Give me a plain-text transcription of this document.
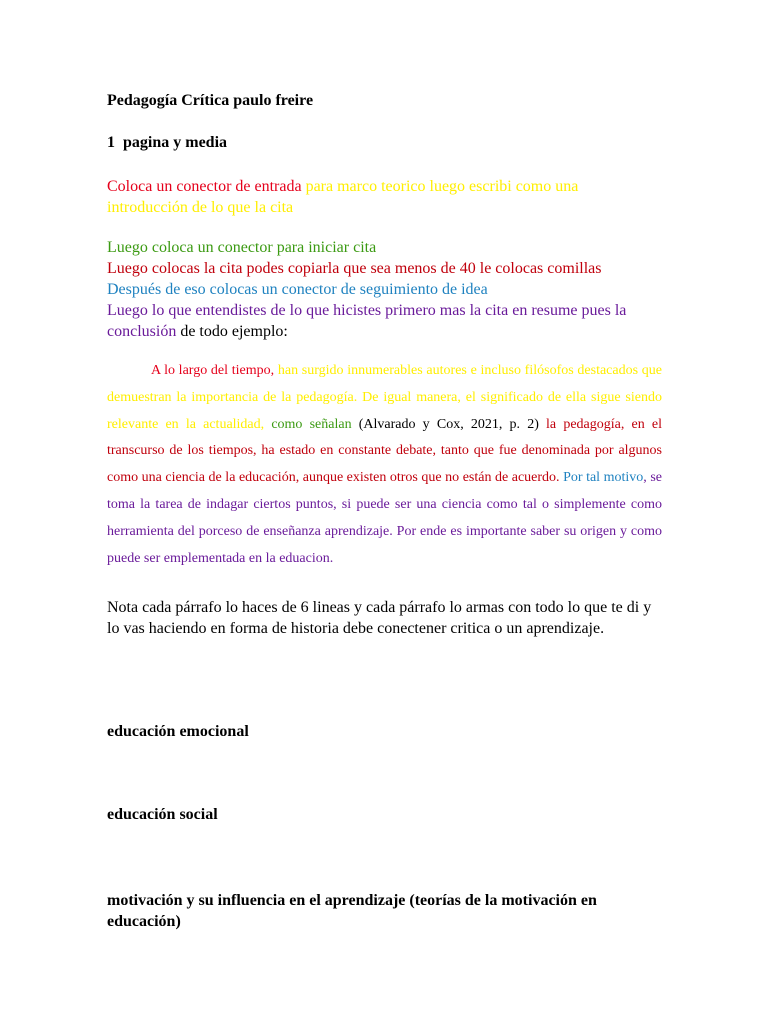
Pedagogía Crítica paulo freire

1  pagina y media

Coloca un conector de entrada para marco teorico luego escribi como una introducción de lo que la cita

Luego coloca un conector para iniciar cita
Luego colocas la cita podes copiarla que sea menos de 40 le colocas comillas
Después de eso colocas un conector de seguimiento de idea
Luego lo que entendistes de lo que hicistes primero mas la cita en resume pues la conclusión de todo ejemplo:

A lo largo del tiempo, han surgido innumerables autores e incluso filósofos destacados que demuestran la importancia de la pedagogía. De igual manera, el significado de ella sigue siendo relevante en la actualidad, como señalan (Alvarado y Cox, 2021, p. 2) la pedagogía, en el transcurso de los tiempos, ha estado en constante debate, tanto que fue denominada por algunos como una ciencia de la educación, aunque existen otros que no están de acuerdo. Por tal motivo, se toma la tarea de indagar ciertos puntos, si puede ser una ciencia como tal o simplemente como herramienta del porceso de enseñanza aprendizaje. Por ende es importante saber su origen y como puede ser emplementada en la eduacion.

Nota cada párrafo lo haces de 6 lineas y cada párrafo lo armas con todo lo que te di y lo vas haciendo en forma de historia debe conectener critica o un aprendizaje.

educación emocional

educación social

motivación y su influencia en el aprendizaje (teorías de la motivación en educación)
